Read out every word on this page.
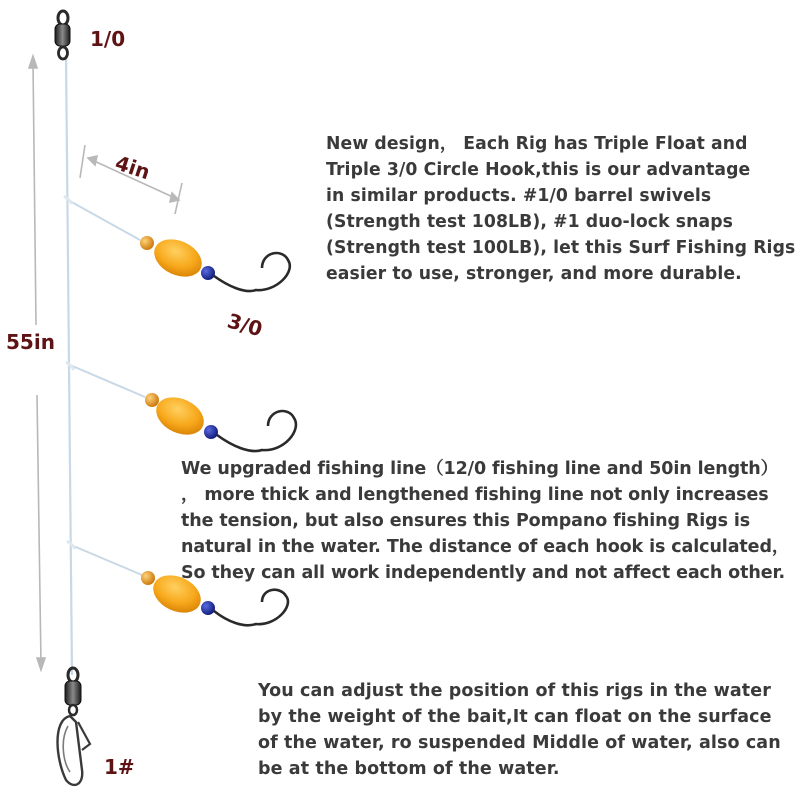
1/0
4in
3/0
55in
1#
New design， Each Rig has Triple Float and
Triple 3/0 Circle Hook,this is our advantage
in similar products. #1/0 barrel swivels
(Strength test 108LB), #1 duo-lock snaps
(Strength test 100LB), let this Surf Fishing Rigs
easier to use, stronger, and more durable.
We upgraded fishing line（12/0 fishing line and 50in length）
， more thick and lengthened fishing line not only increases
the tension, but also ensures this Pompano fishing Rigs is
natural in the water. The distance of each hook is calculated，
So they can all work independently and not affect each other.
You can adjust the position of this rigs in the water
by the weight of the bait,It can float on the surface
of the water, ro suspended Middle of water, also can
be at the bottom of the water.
